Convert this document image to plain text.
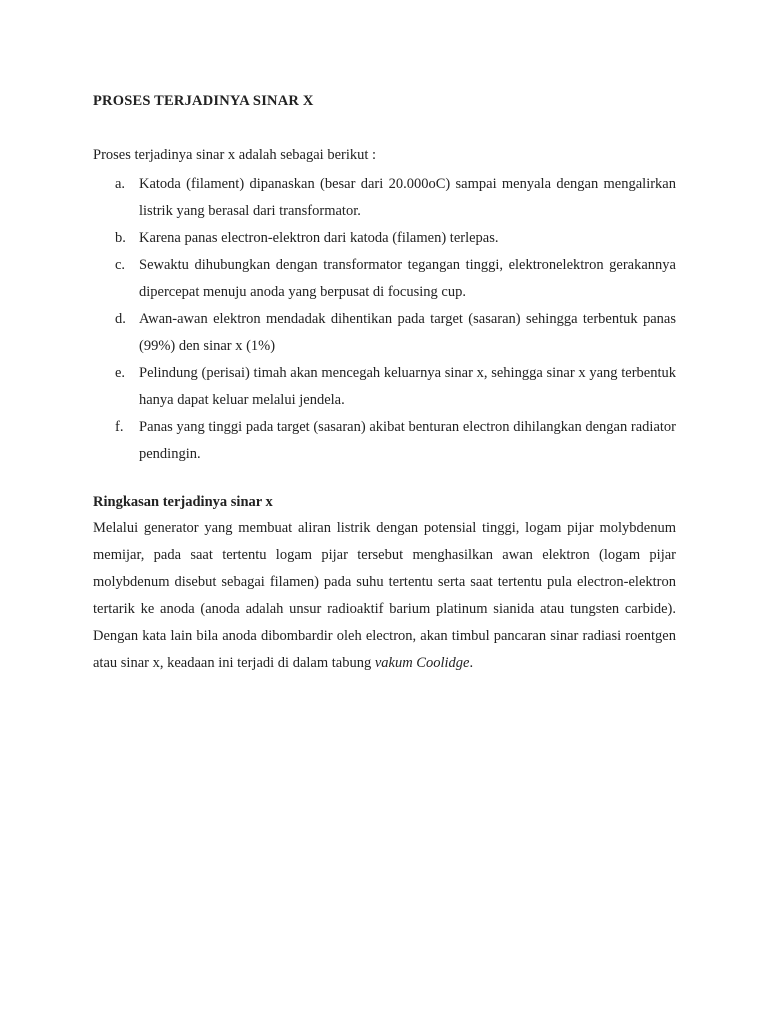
PROSES TERJADINYA SINAR X
Proses terjadinya sinar x adalah sebagai berikut :
a. Katoda (filament) dipanaskan (besar dari 20.000oC) sampai menyala dengan mengalirkan listrik yang berasal dari transformator.
b. Karena panas electron-elektron dari katoda (filamen) terlepas.
c. Sewaktu dihubungkan dengan transformator tegangan tinggi, elektronelektron gerakannya dipercepat menuju anoda yang berpusat di focusing cup.
d. Awan-awan elektron mendadak dihentikan pada target (sasaran) sehingga terbentuk panas (99%) den sinar x (1%)
e. Pelindung (perisai) timah akan mencegah keluarnya sinar x, sehingga sinar x yang terbentuk hanya dapat keluar melalui jendela.
f. Panas yang tinggi pada target (sasaran) akibat benturan electron dihilangkan dengan radiator pendingin.
Ringkasan terjadinya sinar x
Melalui generator yang membuat aliran listrik dengan potensial tinggi, logam pijar molybdenum memijar, pada saat tertentu logam pijar tersebut menghasilkan awan elektron (logam pijar molybdenum disebut sebagai filamen) pada suhu tertentu serta saat tertentu pula electron-elektron tertarik ke anoda (anoda adalah unsur radioaktif barium platinum sianida atau tungsten carbide). Dengan kata lain bila anoda dibombardir oleh electron, akan timbul pancaran sinar radiasi roentgen atau sinar x, keadaan ini terjadi di dalam tabung vakum Coolidge.
